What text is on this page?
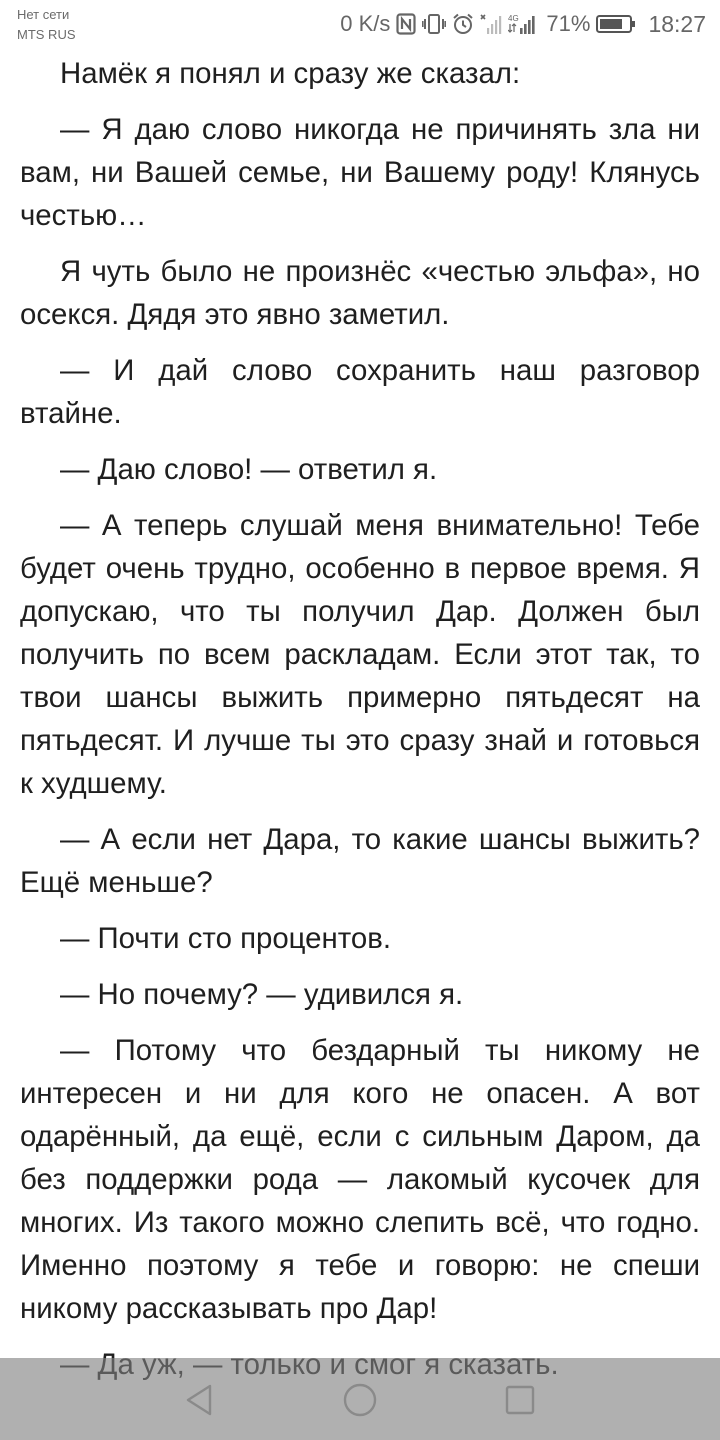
Нет сети
MTS RUS	0 K/s	4G 71%	18:27

Намёк я понял и сразу же сказал:

— Я даю слово никогда не причинять зла ни вам, ни Вашей семье, ни Вашему роду! Клянусь честью…

Я чуть было не произнёс «честью эльфа», но осекся. Дядя это явно заметил.

— И дай слово сохранить наш разговор втайне.

— Даю слово! — ответил я.

— А теперь слушай меня внимательно! Тебе будет очень трудно, особенно в первое время. Я допускаю, что ты получил Дар. Должен был получить по всем раскладам. Если этот так, то твои шансы выжить примерно пятьдесят на пятьдесят. И лучше ты это сразу знай и готовься к худшему.

— А если нет Дара, то какие шансы выжить? Ещё меньше?

— Почти сто процентов.

— Но почему? — удивился я.

— Потому что бездарный ты никому не интересен и ни для кого не опасен. А вот одарённый, да ещё, если с сильным Даром, да без поддержки рода — лакомый кусочек для многих. Из такого можно слепить всё, что годно. Именно поэтому я тебе и говорю: не спеши никому рассказывать про Дар!
